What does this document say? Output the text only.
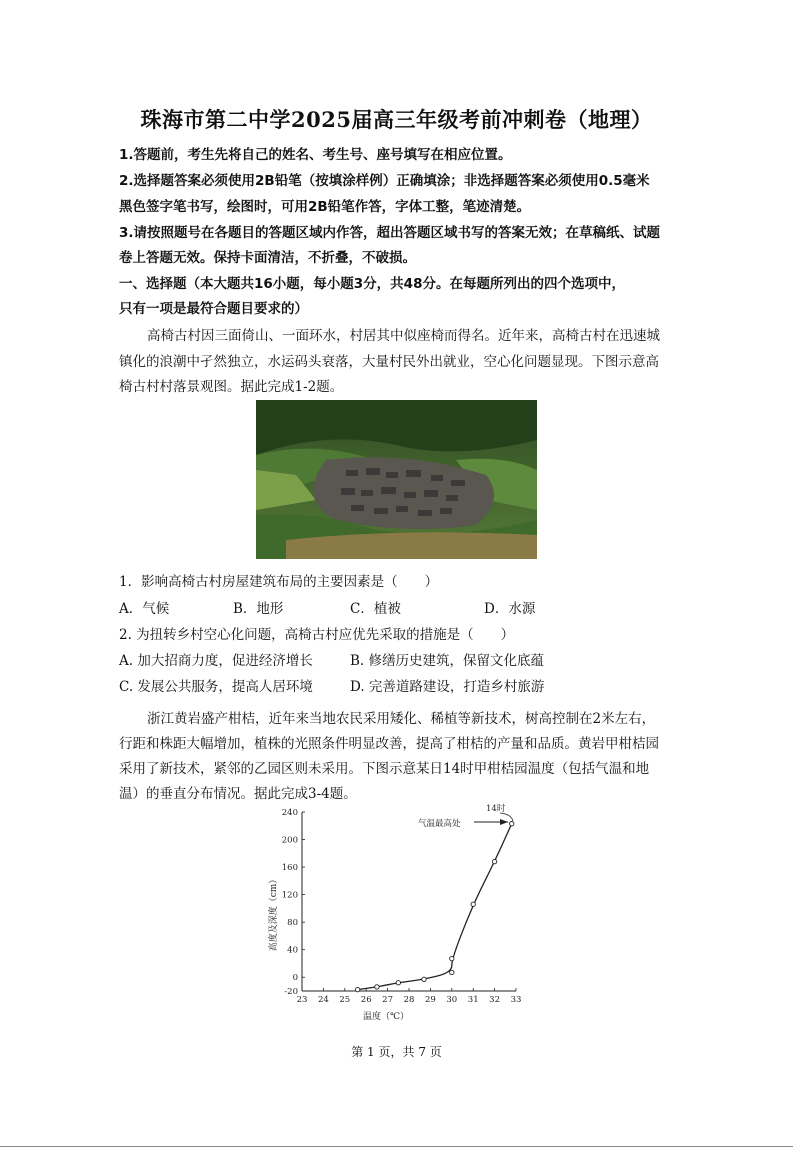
珠海市第二中学2025届高三年级考前冲刺卷（地理）
1.答题前，考生先将自己的姓名、考生号、座号填写在相应位置。
2.选择题答案必须使用2B铅笔（按填涂样例）正确填涂；非选择题答案必须使用0.5毫米
黑色签字笔书写，绘图时，可用2B铅笔作答，字体工整，笔迹清楚。
3.请按照题号在各题目的答题区域内作答，超出答题区域书写的答案无效；在草稿纸、试题
卷上答题无效。保持卡面清洁，不折叠，不破损。
一、选择题（本大题共16小题，每小题3分，共48分。在每题所列出的四个选项中，
只有一项是最符合题目要求的）
高椅古村因三面倚山、一面环水，村居其中似座椅而得名。近年来，高椅古村在迅速城
镇化的浪潮中孑然独立，水运码头衰落，大量村民外出就业，空心化问题显现。下图示意高
椅古村村落景观图。据此完成1-2题。
1．影响高椅古村房屋建筑布局的主要因素是（　　）
A．气候	B．地形	C．植被	D．水源
2. 为扭转乡村空心化问题，高椅古村应优先采取的措施是（　　）
A. 加大招商力度，促进经济增长	B. 修缮历史建筑，保留文化底蕴
C. 发展公共服务，提高人居环境	D. 完善道路建设，打造乡村旅游
浙江黄岩盛产柑桔，近年来当地农民采用矮化、稀植等新技术，树高控制在2米左右，
行距和株距大幅增加，植株的光照条件明显改善，提高了柑桔的产量和品质。黄岩甲柑桔园
采用了新技术，紧邻的乙园区则未采用。下图示意某日14时甲柑桔园温度（包括气温和地
温）的垂直分布情况。据此完成3-4题。
23 24 25 26 27 28 29 30 31 32 33
-20
0
40
80
120
160
200
240	14时
气温最高处
温度（℃）
高度及深度（cm）
第 1 页，共 7 页
